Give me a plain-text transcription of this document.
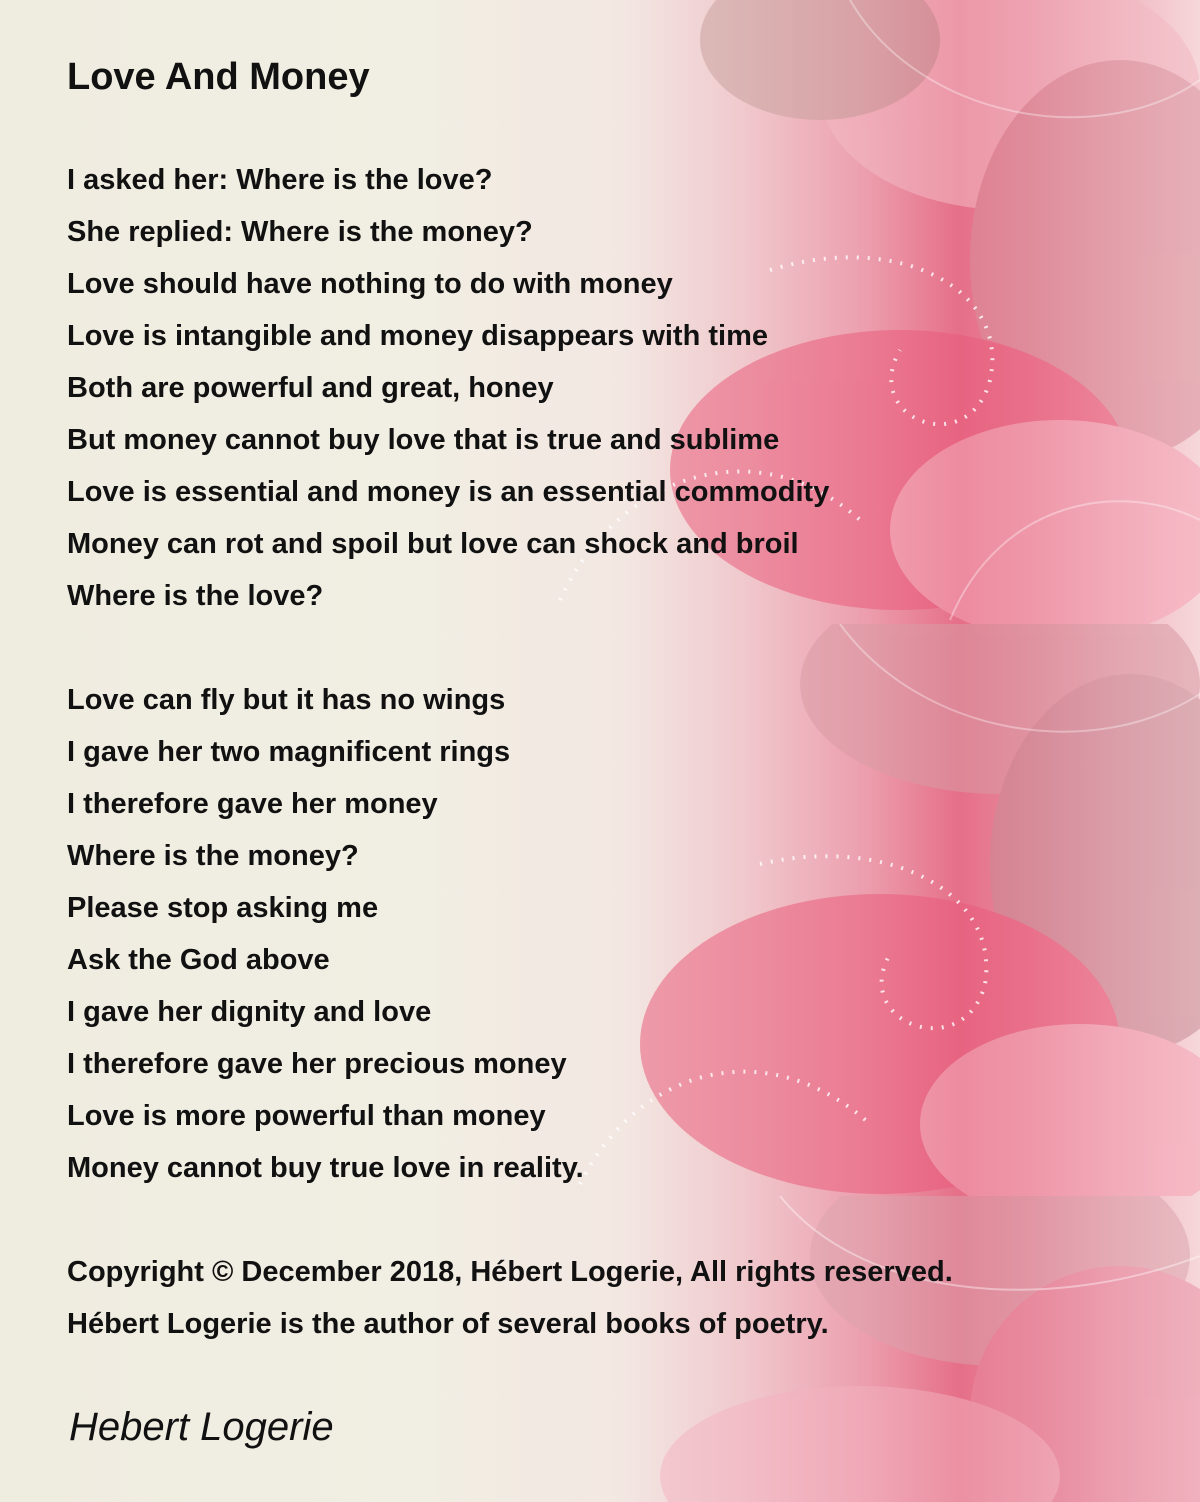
Love And Money
I asked her: Where is the love?
She replied: Where is the money?
Love should have nothing to do with money
Love is intangible and money disappears with time
Both are powerful and great, honey
But money cannot buy love that is true and sublime
Love is essential and money is an essential commodity
Money can rot and spoil but love can shock and broil
Where is the love?
Love can fly but it has no wings
I gave her two magnificent rings
I therefore gave her money
Where is the money?
Please stop asking me
Ask the God above
I gave her dignity and love
I therefore gave her precious money
Love is more powerful than money
Money cannot buy true love in reality.
Copyright © December 2018, Hébert Logerie, All rights reserved.
Hébert Logerie is the author of several books of poetry.
Hebert Logerie
